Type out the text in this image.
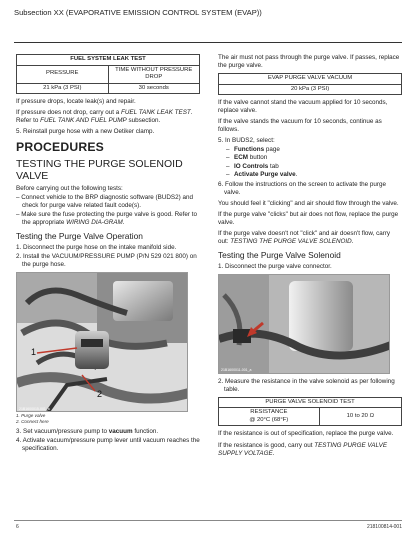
Subsection XX (EVAPORATIVE EMISSION CONTROL SYSTEM (EVAP))
FUEL SYSTEM LEAK TEST	
PRESSURE	TIME WITHOUT PRESSURE DROP
21 kPa (3 PSI)	30 seconds

If pressure drops, locate leak(s) and repair.

If pressure does not drop, carry out a FUEL TANK LEAK TEST. Refer to FUEL TANK AND FUEL PUMP subsection.

5. Reinstall purge hose with a new Oetiker clamp.

PROCEDURES
TESTING THE PURGE SOLENOID VALVE

Before carrying out the following tests:

– Connect vehicle to the BRP diagnostic software (BUDS2) and check for purge valve related fault code(s).
– Make sure the fuse protecting the purge valve is good. Refer to the appropriate WIRING DIA-GRAM.
Testing the Purge Valve Operation
1. Disconnect the purge hose on the intake manifold side.
2. Install the VACUUM/PRESSURE PUMP (P/N 529 021 800) on the purge hose.
1
2
21B1600015-001_a
1. Purge valve
2. Connect here
3. Set vacuum/pressure pump to vacuum function.
4. Activate vacuum/pressure pump lever until vacuum reaches the specification.

The air must not pass through the purge valve. If passes, replace the purge valve.

EVAP PURGE VALVE VACUUM
20 kPa (3 PSI)

If the valve cannot stand the vacuum applied for 10 seconds, replace valve.

If the valve stands the vacuum for 10 seconds, continue as follows.

5. In BUDS2, select:

– Functions page
– ECM button
– IO Controls tab
– Activate Purge valve.

6. Follow the instructions on the screen to activate the purge valve.

You should feel it "clicking" and air should flow through the valve.

If the purge valve "clicks" but air does not flow, replace the purge valve.

If the purge valve doesn't not "click" and air doesn't flow, carry out: TESTING THE PURGE VALVE SOLENOID.

Testing the Purge Valve Solenoid

1. Disconnect the purge valve connector.

21B1600011-001_a

2. Measure the resistance in the valve solenoid as per following table.

PURGE VALVE SOLENOID TEST

RESISTANCE
@ 20°C (68°F)
	10 to 20 Ω

If the resistance is out of specification, replace the purge valve.

If the resistance is good, carry out TESTING PURGE VALVE SUPPLY VOLTAGE.

6	218100814-001
